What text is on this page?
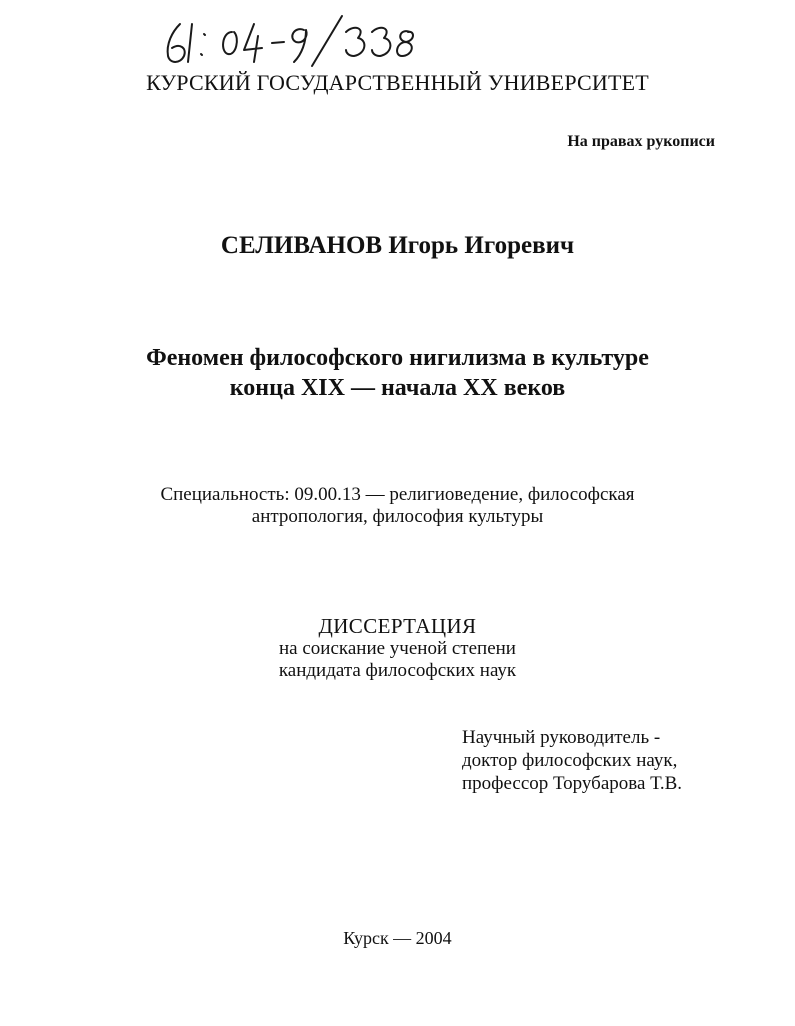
КУРСКИЙ ГОСУДАРСТВЕННЫЙ УНИВЕРСИТЕТ
На правах рукописи
СЕЛИВАНОВ Игорь Игоревич
Феномен философского нигилизма в культуре
конца XIX — начала XX веков
Специальность: 09.00.13 — религиоведение, философская
антропология, философия культуры
ДИССЕРТАЦИЯ
на соискание ученой степени
кандидата философских наук
Научный руководитель -
доктор философских наук,
профессор Торубарова Т.В.
Курск — 2004
